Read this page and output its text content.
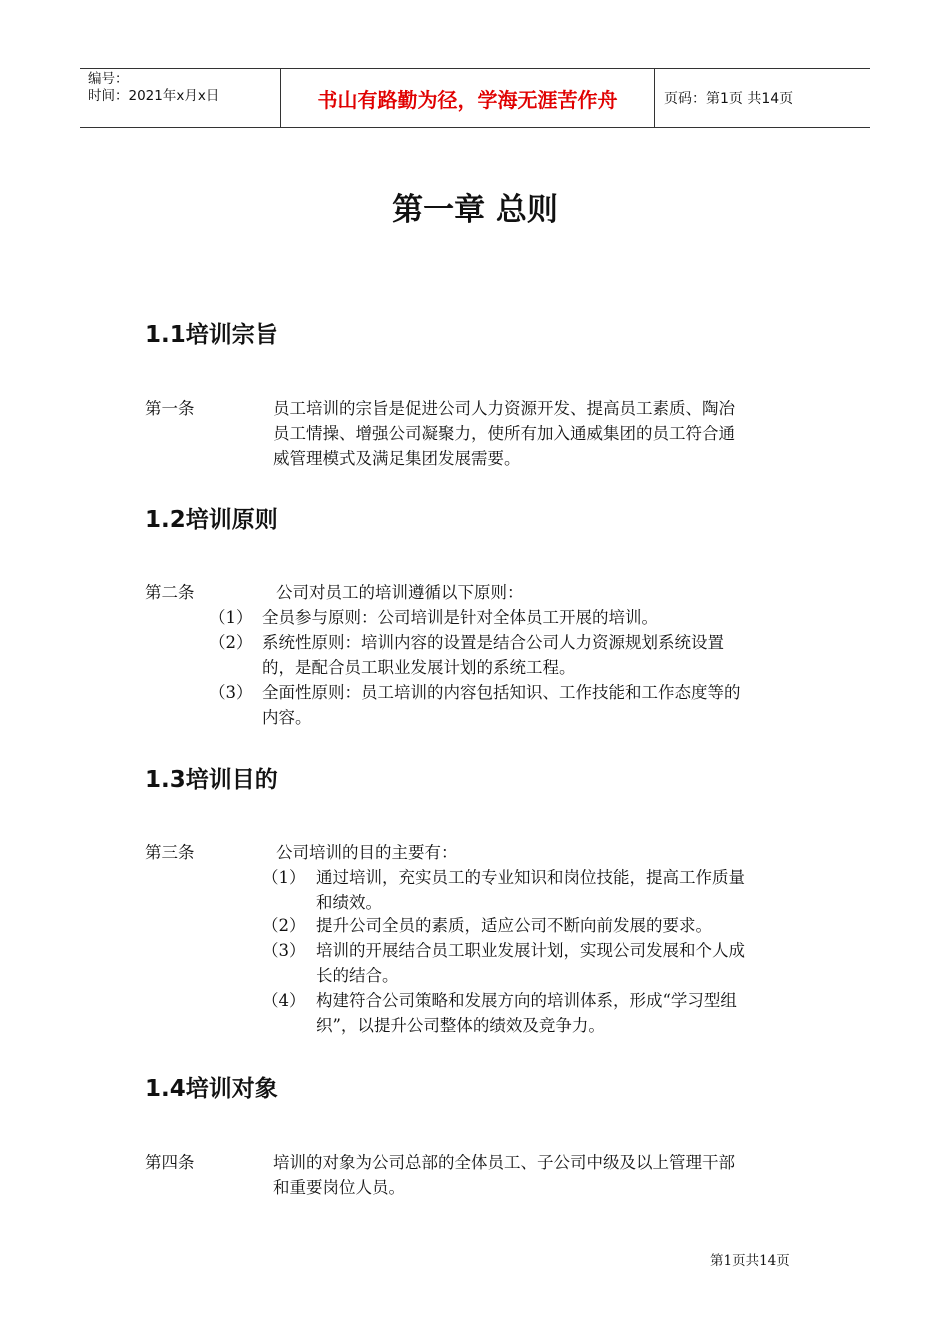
编号：
时间：2021年x月x日	书山有路勤为径，学海无涯苦作舟	页码：第1页 共14页
第一章 总则
1.1培训宗旨
第一条	员工培训的宗旨是促进公司人力资源开发、提高员工素质、陶冶
员工情操、增强公司凝聚力，使所有加入通威集团的员工符合通
威管理模式及满足集团发展需要。
1.2培训原则
第二条	公司对员工的培训遵循以下原则：
（1） 全员参与原则：公司培训是针对全体员工开展的培训。
（2） 系统性原则：培训内容的设置是结合公司人力资源规划系统设置
的，是配合员工职业发展计划的系统工程。
（3） 全面性原则：员工培训的内容包括知识、工作技能和工作态度等的
内容。
1.3培训目的
第三条	公司培训的目的主要有：
（1） 通过培训，充实员工的专业知识和岗位技能，提高工作质量
和绩效。
（2） 提升公司全员的素质，适应公司不断向前发展的要求。
（3） 培训的开展结合员工职业发展计划，实现公司发展和个人成
长的结合。
（4） 构建符合公司策略和发展方向的培训体系，形成“学习型组
织”，以提升公司整体的绩效及竞争力。
1.4培训对象
第四条	培训的对象为公司总部的全体员工、子公司中级及以上管理干部
和重要岗位人员。
第1页共14页
